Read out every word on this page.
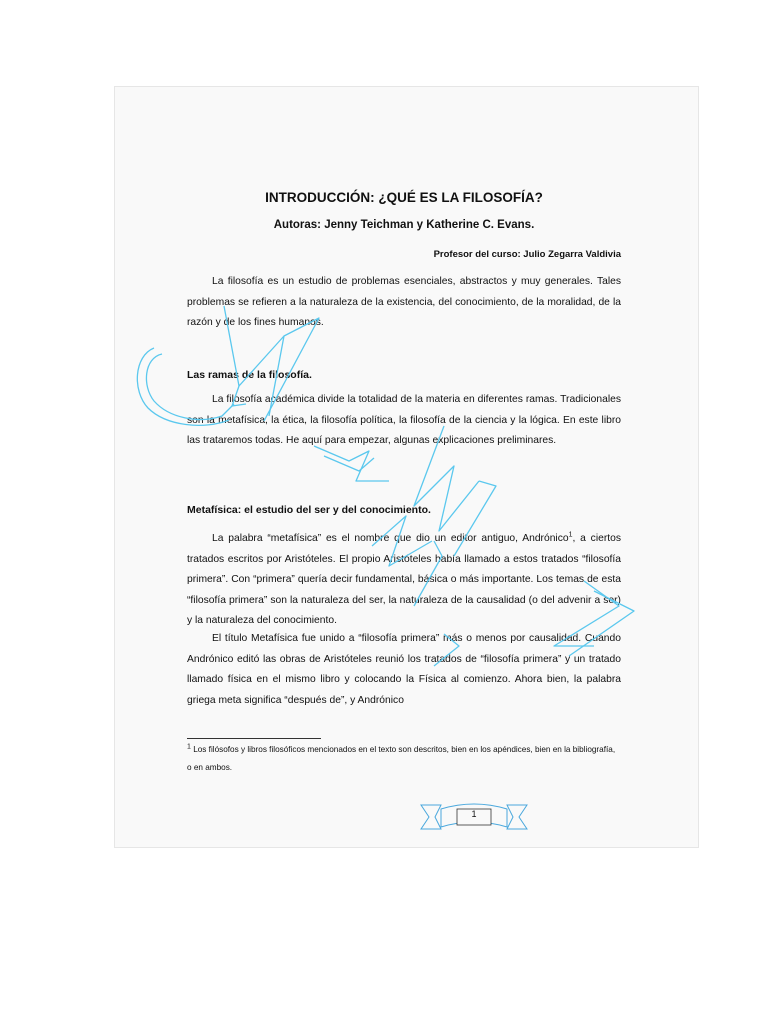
INTRODUCCIÓN: ¿QUÉ ES LA FILOSOFÍA?
Autoras: Jenny Teichman y Katherine C. Evans.
Profesor del curso: Julio Zegarra Valdivia

La filosofía es un estudio de problemas esenciales, abstractos y muy generales. Tales problemas se refieren a la naturaleza de la existencia, del conocimiento, de la moralidad, de la razón y de los fines humanos.

Las ramas de la filosofía.

La filosofía académica divide la totalidad de la materia en diferentes ramas. Tradicionales son la metafísica, la ética, la filosofía política, la filosofía de la ciencia y la lógica. En este libro las trataremos todas. He aquí para empezar, algunas explicaciones preliminares.

Metafísica: el estudio del ser y del conocimiento.

La palabra “metafísica” es el nombre que dio un editor antiguo, Andrónico$^1$, a ciertos tratados escritos por Aristóteles. El propio Aristóteles había llamado a estos tratados “filosofía primera”. Con “primera” quería decir fundamental, básica o más importante. Los temas de esta “filosofía primera” son la naturaleza del ser, la naturaleza de la causalidad (o del advenir a ser) y la naturaleza del conocimiento.

El título Metafísica fue unido a “filosofía primera” más o menos por causalidad. Cuando Andrónico editó las obras de Aristóteles reunió los tratados de “filosofía primera” y un tratado llamado física en el mismo libro y colocando la Física al comienzo. Ahora bien, la palabra griega meta significa “después de”, y Andrónico

$^1$ Los filósofos y libros filosóficos mencionados en el texto son descritos, bien en los apéndices, bien en la bibliografía, o en ambos.
1
